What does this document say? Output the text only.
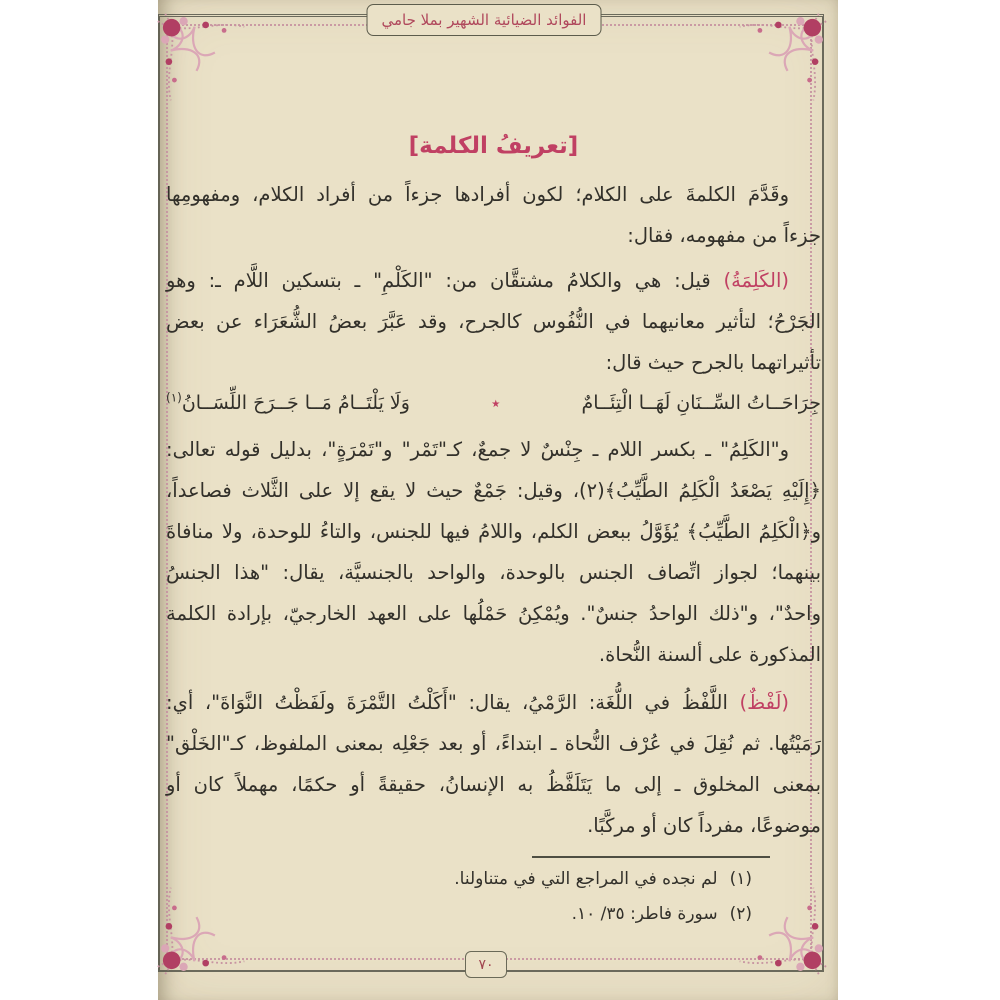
الفوائد الضيائية الشهير بملا جامي
[تعريفُ الكلمة]
وقَدَّمَ الكلمةَ على الكلام؛ لكون أفرادها جزءاً من أفراد الكلام، ومفهومِها
جزءاً من مفهومه، فقال:
(الكَلِمَةُ) قيل: هي والكلامُ مشتقَّان من: "الكَلْمِ" ـ بتسكين اللَّام ـ: وهو
الجَرْحُ؛ لتأثير معانيهما في النُّفُوس كالجرح، وقد عَبَّرَ بعضُ الشُّعَرَاء عن بعض
تأثيراتهما بالجرح حيث قال:
جِرَاحَــاتُ السِّــنَانِ لَهَــا الْتِئَــامٌ
٭
وَلَا يَلْتَــامُ مَــا جَــرَحَ اللِّسَــانُ$^{(١)}$
و"الكَلِمُ" ـ بكسر اللام ـ جِنْسٌ لا جمعٌ، كـ"تَمْر" و"تَمْرَةٍ"، بدليل قوله تعالى:
﴿إِلَيْهِ يَصْعَدُ الْكَلِمُ الطَّيِّبُ﴾(٢)، وقيل: جَمْعٌ حيث لا يقع إلا على الثَّلاث فصاعداً،
و﴿الْكَلِمُ الطَّيِّبُ﴾ يُؤَوَّلُ ببعض الكلم، واللامُ فيها للجنس، والتاءُ للوحدة، ولا منافاةَ
بينهما؛ لجواز اتِّصاف الجنس بالوحدة، والواحد بالجنسيَّة، يقال: "هذا الجنسُ
واحدٌ"، و"ذلك الواحدُ جنسٌ". ويُمْكِنُ حَمْلُها على العهد الخارجيّ، بإرادة الكلمة
المذكورة على ألسنة النُّحاة.
(لَفْظٌ) اللَّفْظُ في اللُّغَة: الرَّمْيُ، يقال: "أَكَلْتُ التَّمْرَةَ ولَفَظْتُ النَّوَاةَ"، أي:
رَمَيْتُها. ثم نُقِلَ في عُرْف النُّحاة ـ ابتداءً، أو بعد جَعْلِه بمعنى الملفوظ، كـ"الخَلْق"
بمعنى المخلوق ـ إلى ما يَتَلَفَّظُ به الإنسانُ، حقيقةً أو حكمًا، مهملاً كان أو
موضوعًا، مفرداً كان أو مركَّبًا.
(١)
لم نجده في المراجع التي في متناولنا.
(٢)
سورة فاطر: ٣٥/ ١٠.
٧٠
